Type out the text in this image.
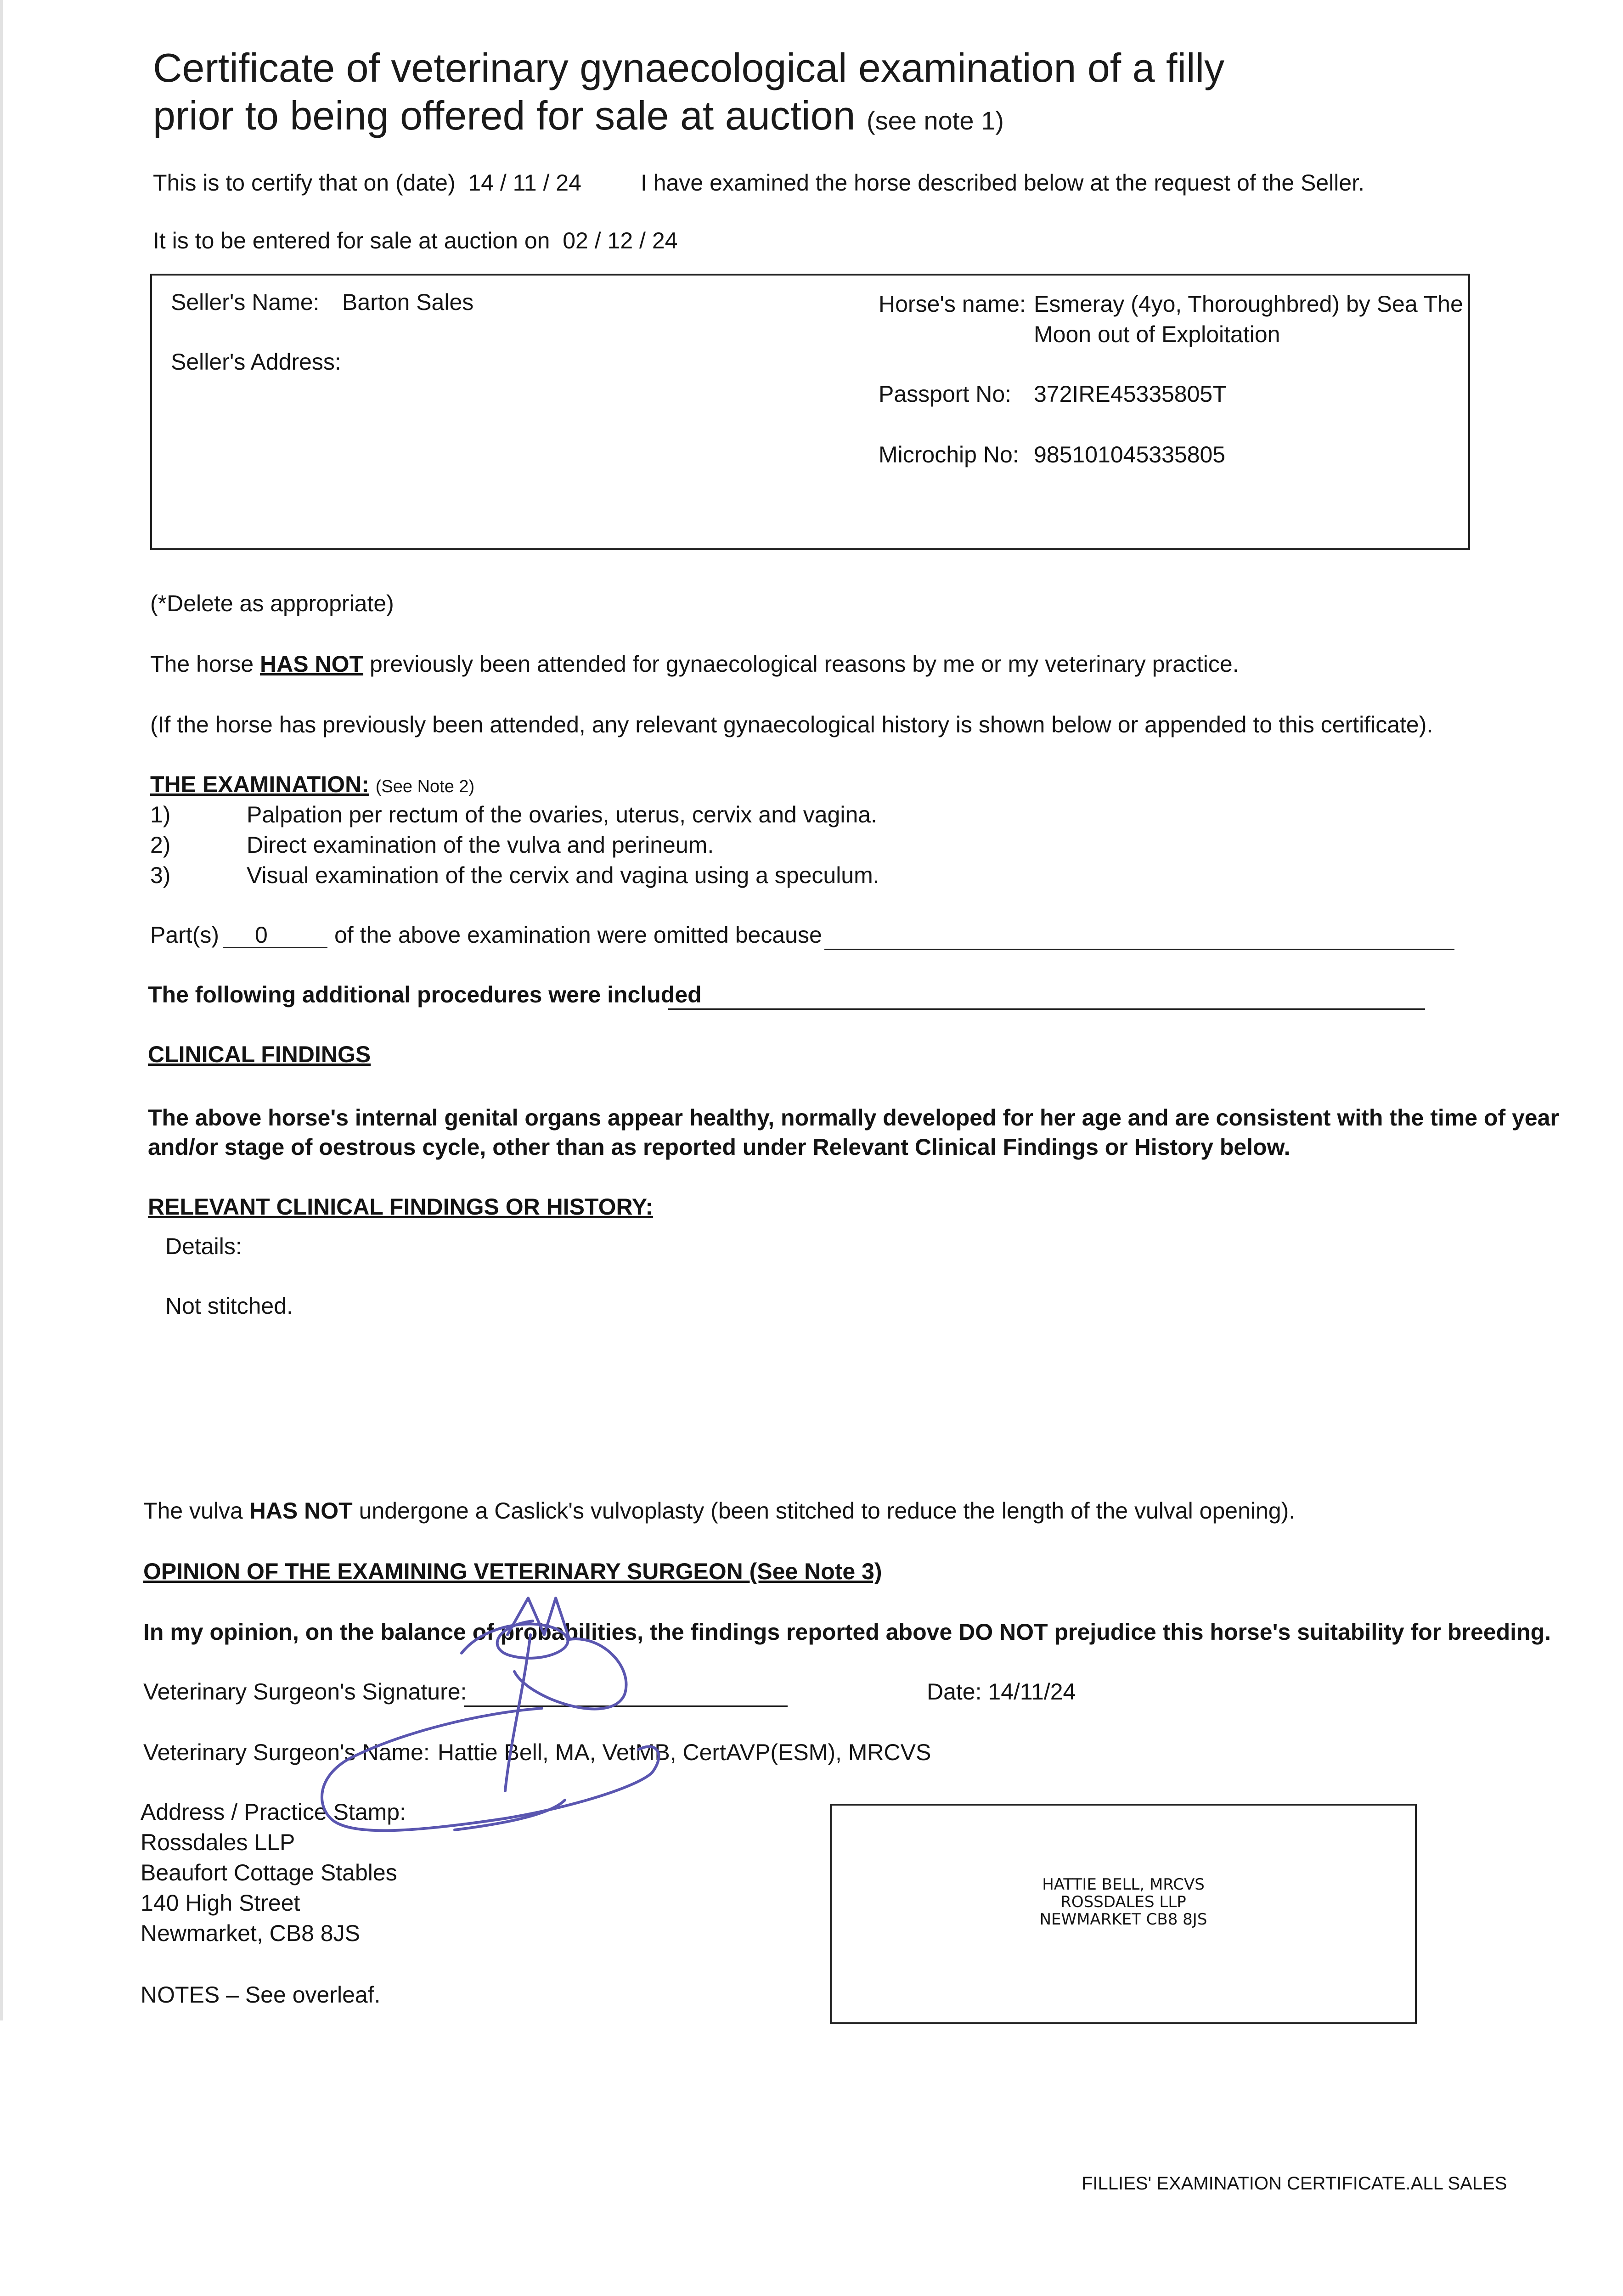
Certificate of veterinary gynaecological examination of a filly
prior to being offered for sale at auction (see note 1)
This is to certify that on (date) 14 / 11 / 24	I have examined the horse described below at the request of the Seller.
It is to be entered for sale at auction on 02 / 12 / 24
Seller's Name: Barton Sales
Seller's Address:
Horse's name: Esmeray (4yo, Thoroughbred) by Sea The
Moon out of Exploitation
Passport No: 372IRE45335805T
Microchip No: 985101045335805
(*Delete as appropriate)
The horse HAS NOT previously been attended for gynaecological reasons by me or my veterinary practice.
(If the horse has previously been attended, any relevant gynaecological history is shown below or appended to this certificate).
THE EXAMINATION: (See Note 2)
1)	Palpation per rectum of the ovaries, uterus, cervix and vagina.
2)	Direct examination of the vulva and perineum.
3)	Visual examination of the cervix and vagina using a speculum.
Part(s) 0	of the above examination were omitted because
The following additional procedures were included
CLINICAL FINDINGS
The above horse's internal genital organs appear healthy, normally developed for her age and are consistent with the time of year
and/or stage of oestrous cycle, other than as reported under Relevant Clinical Findings or History below.
RELEVANT CLINICAL FINDINGS OR HISTORY:
Details:
Not stitched.
The vulva HAS NOT undergone a Caslick's vulvoplasty (been stitched to reduce the length of the vulval opening).
OPINION OF THE EXAMINING VETERINARY SURGEON (See Note 3)
In my opinion, on the balance of probabilities, the findings reported above DO NOT prejudice this horse's suitability for breeding.
Veterinary Surgeon's Signature:	Date: 14/11/24
Veterinary Surgeon's Name: Hattie Bell, MA, VetMB, CertAVP(ESM), MRCVS
Address / Practice Stamp:
Rossdales LLP
Beaufort Cottage Stables
140 High Street
Newmarket, CB8 8JS
HATTIE BELL, MRCVS
ROSSDALES LLP
NEWMARKET CB8 8JS
NOTES – See overleaf.
FILLIES' EXAMINATION CERTIFICATE.ALL SALES
